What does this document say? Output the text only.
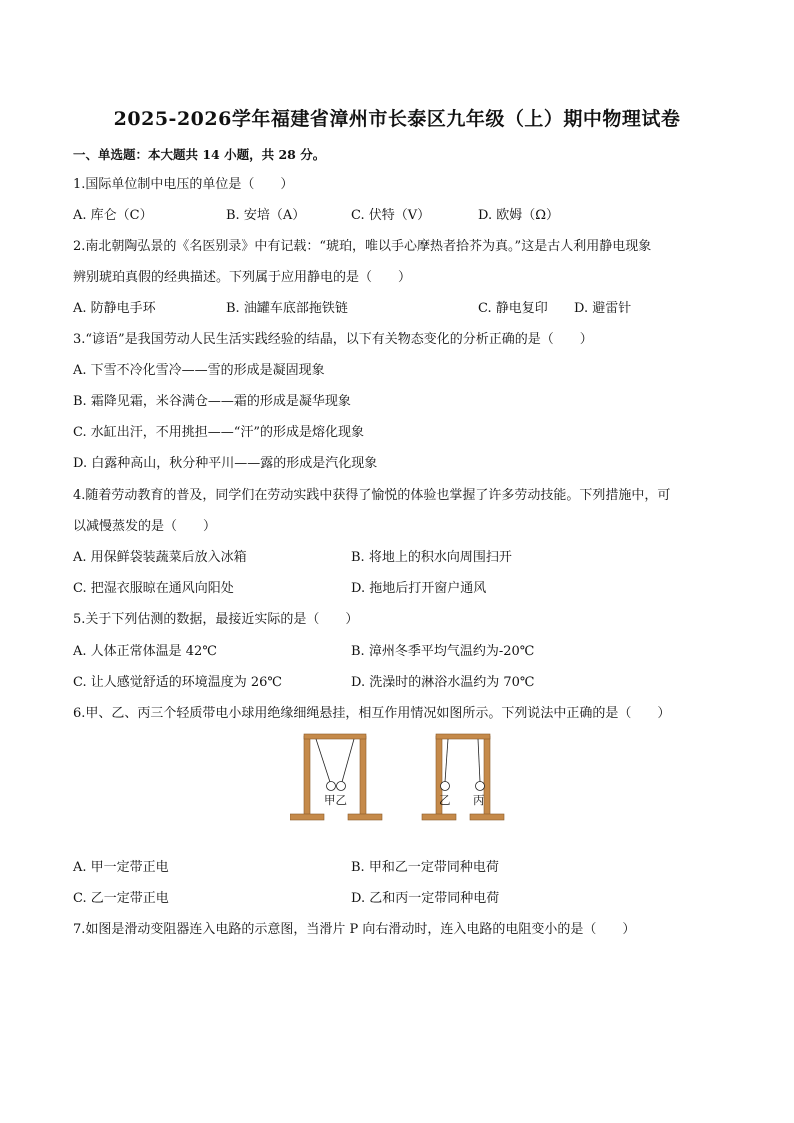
2025-2026学年福建省漳州市长泰区九年级（上）期中物理试卷
一、单选题：本大题共 14 小题，共 28 分。
1.国际单位制中电压的单位是（　　）
A. 库仑（C）	B. 安培（A）	C. 伏特（V）	D. 欧姆（Ω）
2.南北朝陶弘景的《名医别录》中有记载：“琥珀，唯以手心摩热者拾芥为真。”这是古人利用静电现象
辨别琥珀真假的经典描述。下列属于应用静电的是（　　）
A. 防静电手环	B. 油罐车底部拖铁链	C. 静电复印 D. 避雷针
3.“谚语”是我国劳动人民生活实践经验的结晶，以下有关物态变化的分析正确的是（　　）
A. 下雪不冷化雪冷——雪的形成是凝固现象
B. 霜降见霜，米谷满仓——霜的形成是凝华现象
C. 水缸出汗，不用挑担——“汗”的形成是熔化现象
D. 白露种高山，秋分种平川——露的形成是汽化现象
4.随着劳动教育的普及，同学们在劳动实践中获得了愉悦的体验也掌握了许多劳动技能。下列措施中，可
以减慢蒸发的是（　　）
A. 用保鲜袋装蔬菜后放入冰箱	B. 将地上的积水向周围扫开
C. 把湿衣服晾在通风向阳处	D. 拖地后打开窗户通风
5.关于下列估测的数据，最接近实际的是（　　）
A. 人体正常体温是 42℃	B. 漳州冬季平均气温约为-20℃
C. 让人感觉舒适的环境温度为 26℃	D. 洗澡时的淋浴水温约为 70℃
6.甲、乙、丙三个轻质带电小球用绝缘细绳悬挂，相互作用情况如图所示。下列说法中正确的是（　　）
甲乙	乙 丙
A. 甲一定带正电	B. 甲和乙一定带同种电荷
C. 乙一定带正电	D. 乙和丙一定带同种电荷
7.如图是滑动变阻器连入电路的示意图，当滑片 P 向右滑动时，连入电路的电阻变小的是（　　）
